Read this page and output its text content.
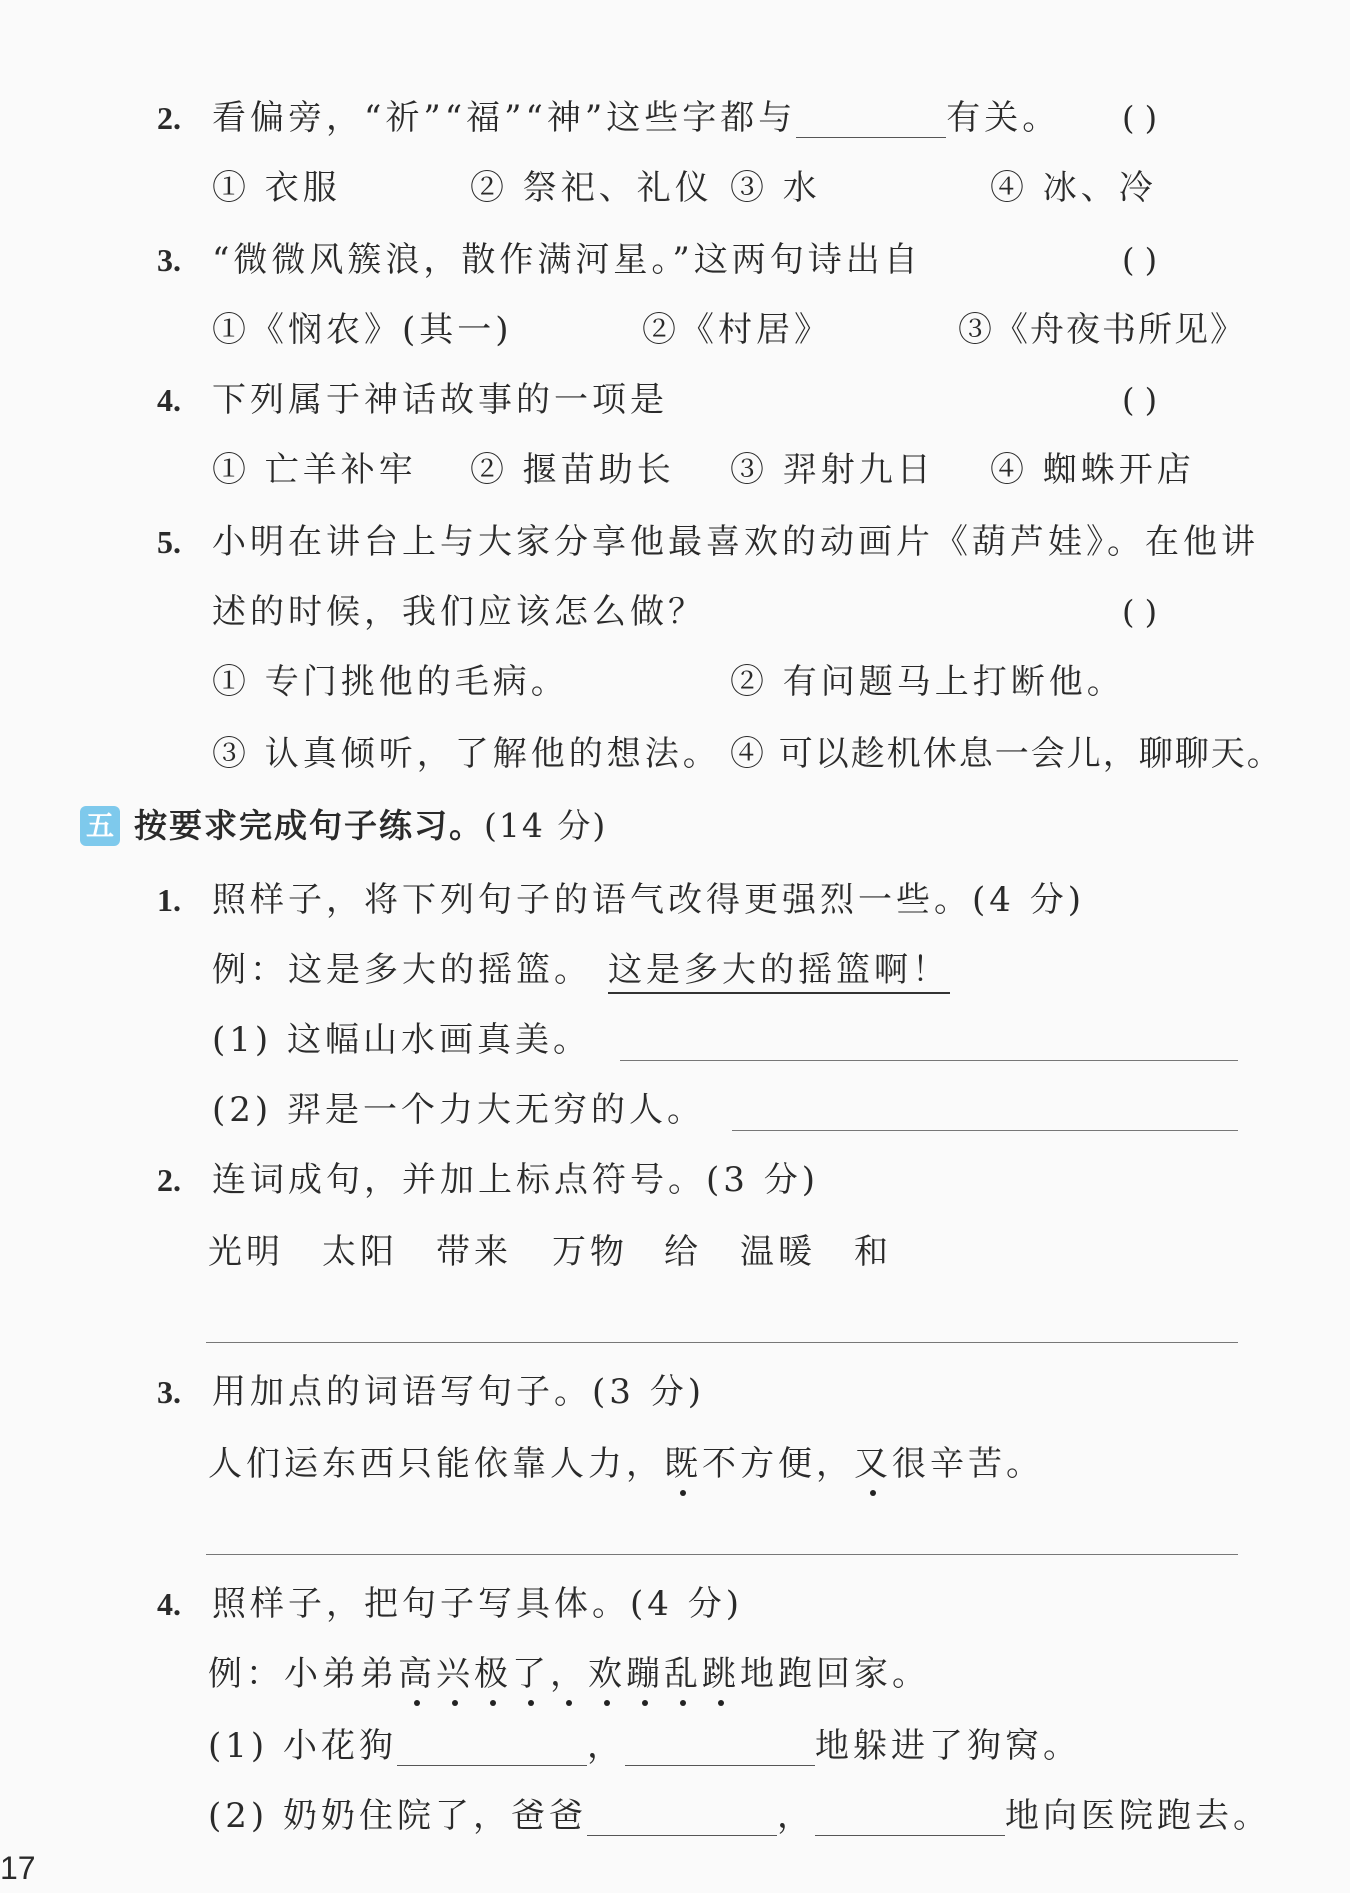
2. 看偏旁，“祈”“福”“神”这些字都与	有关。 ( )
① 衣服	② 祭祀、礼仪 ③ 水	④ 冰、冷
3. “微微风簇浪，散作满河星。”这两句诗出自	( )
①《悯农》(其一)	②《村居》	③《舟夜书所见》
4. 下列属于神话故事的一项是	( )
① 亡羊补牢 ② 揠苗助长 ③ 羿射九日 ④ 蜘蛛开店
5. 小明在讲台上与大家分享他最喜欢的动画片《葫芦娃》。在他讲
述的时候，我们应该怎么做？	( )
① 专门挑他的毛病。	② 有问题马上打断他。
③ 认真倾听，了解他的想法。 ④ 可以趁机休息一会儿，聊聊天。
五 按要求完成句子练习。(14 分)
1. 照样子，将下列句子的语气改得更强烈一些。(4 分)
例：这是多大的摇篮。 这是多大的摇篮啊！
(1) 这幅山水画真美。
(2) 羿是一个力大无穷的人。
2. 连词成句，并加上标点符号。(3 分)
光明 太阳 带来 万物 给 温暖 和
3. 用加点的词语写句子。(3 分)
人们运东西只能依靠人力，既不方便，又很辛苦。
4. 照样子，把句子写具体。(4 分)
例：小弟弟高兴极了，欢蹦乱跳地跑回家。
(1) 小花狗	，	地躲进了狗窝。
(2) 奶奶住院了，爸爸	，	地向医院跑去。
17
